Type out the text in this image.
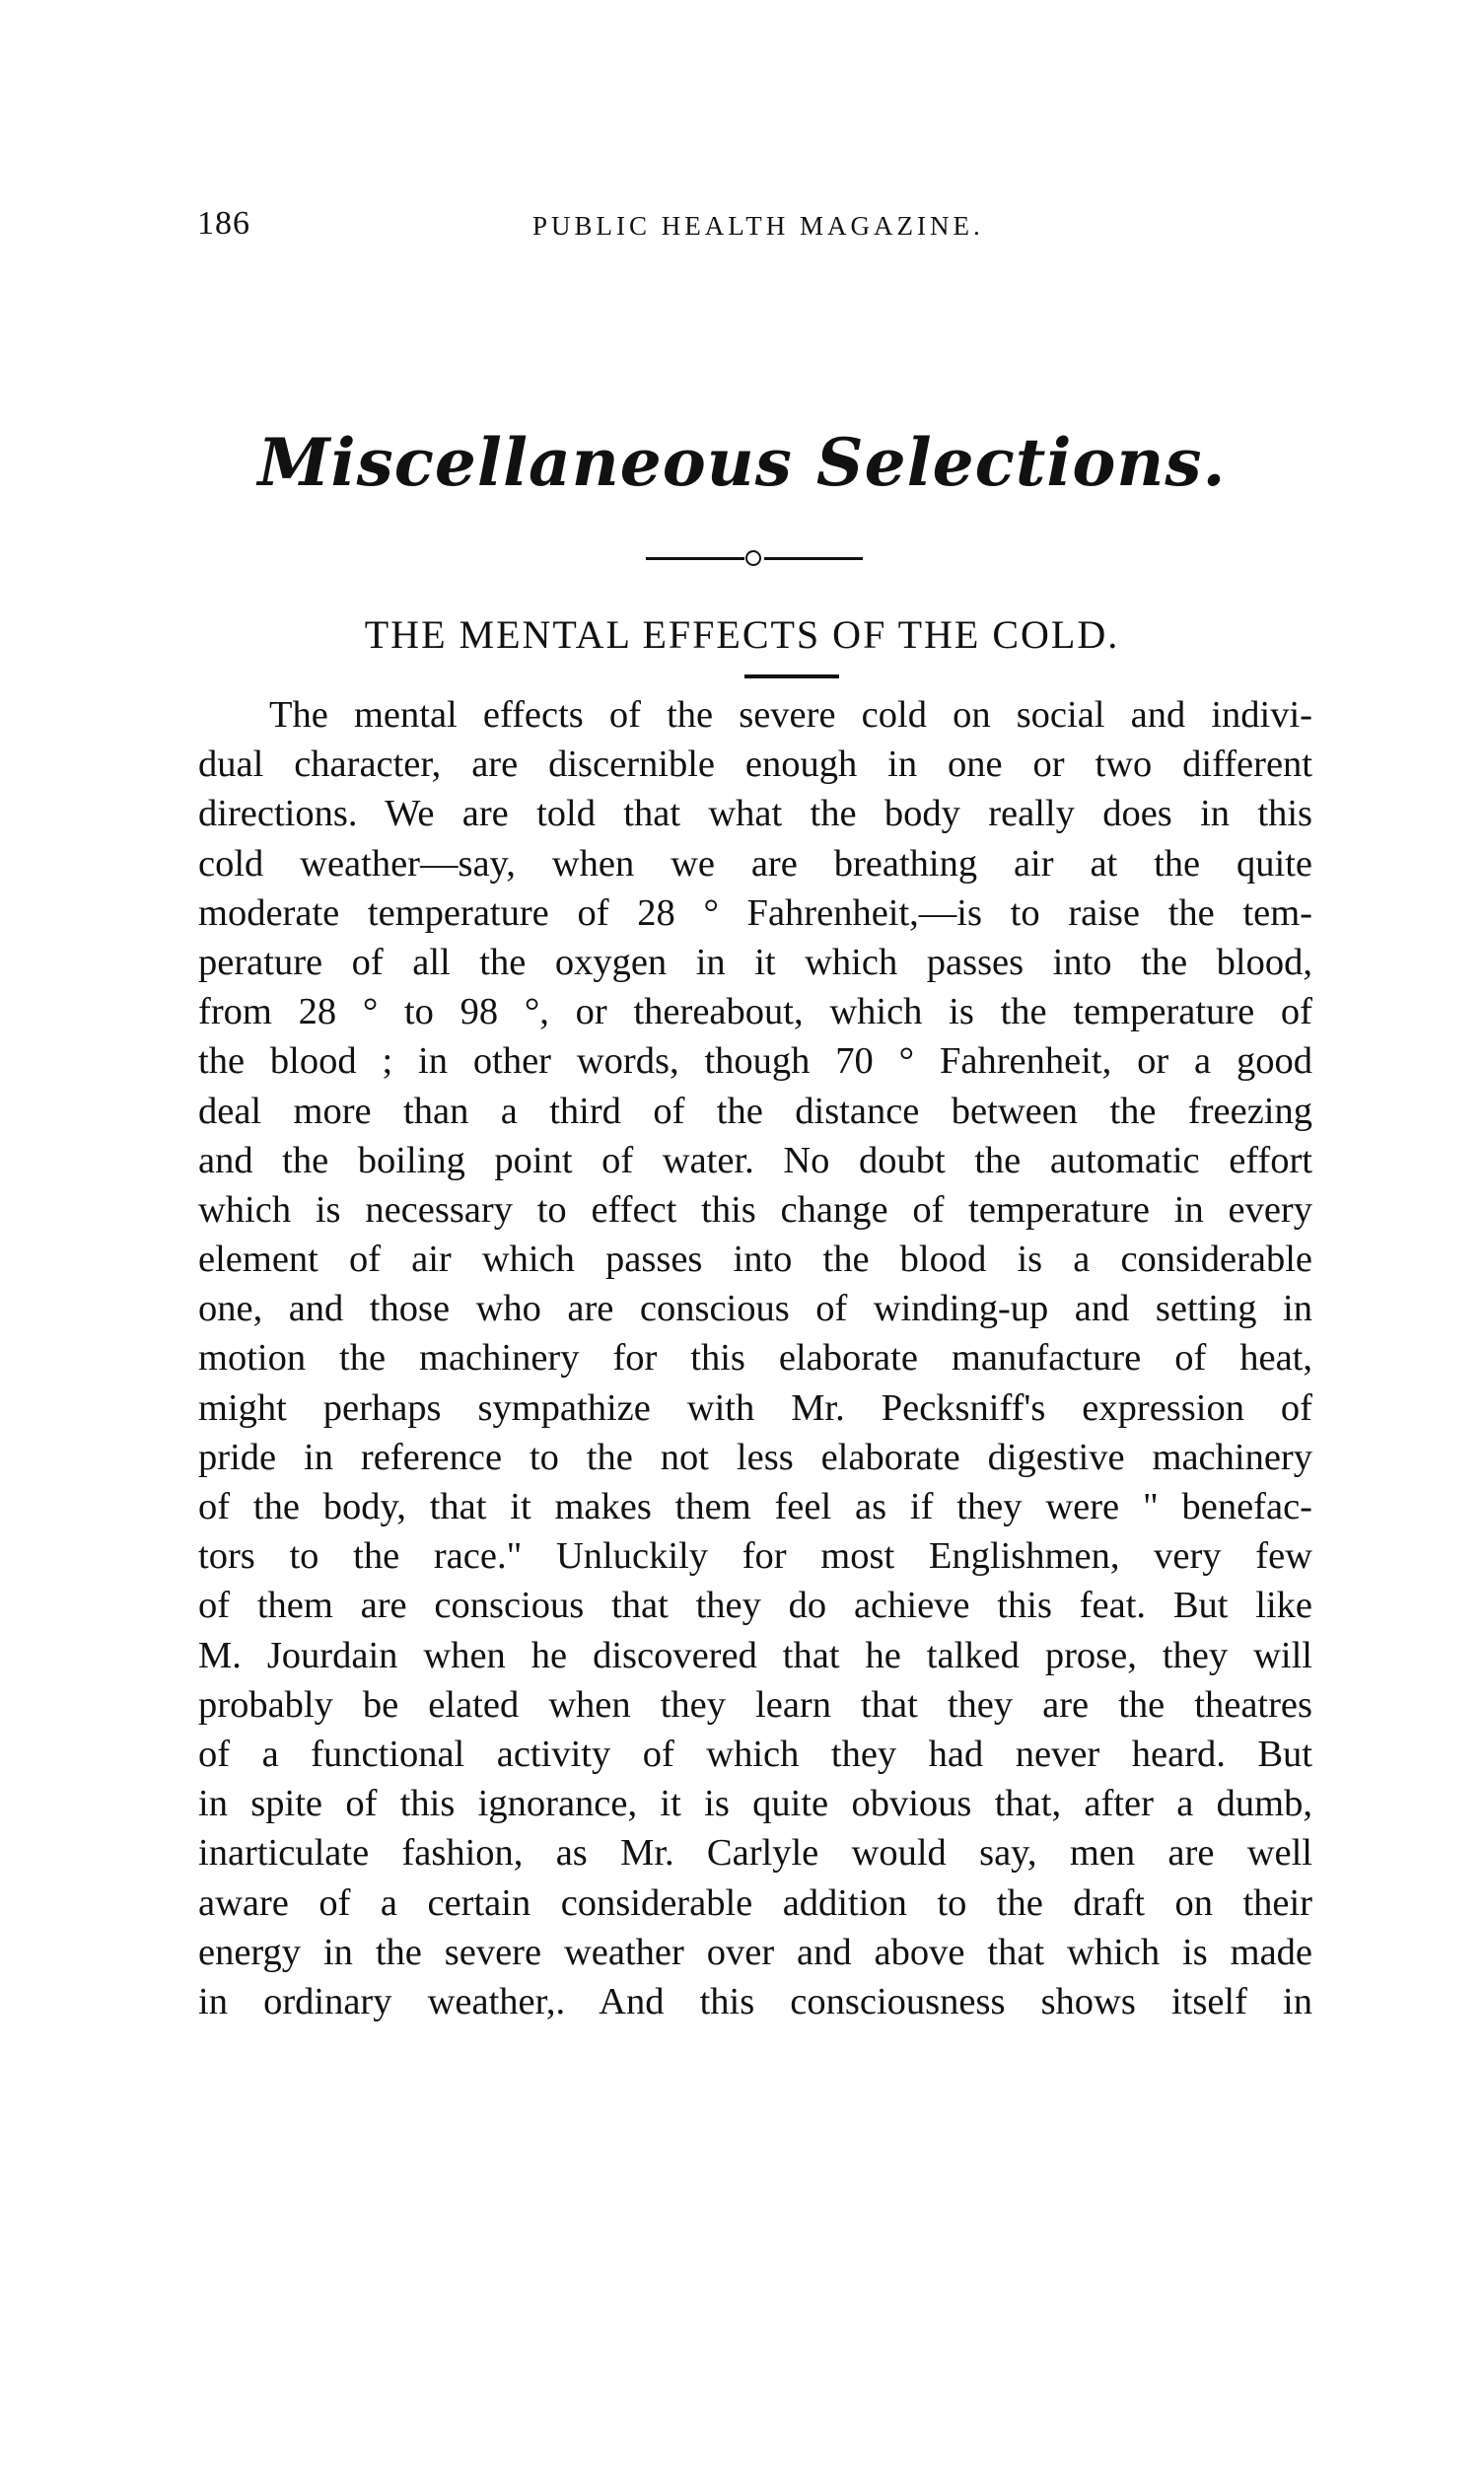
186	PUBLIC HEALTH MAGAZINE.
Miscellaneous Selections.
THE MENTAL EFFECTS OF THE COLD.
The mental effects of the severe cold on social and indivi-
dual character, are discernible enough in one or two different
directions. We are told that what the body really does in this
cold weather—say, when we are breathing air at the quite
moderate temperature of 28 ° Fahrenheit,—is to raise the tem-
perature of all the oxygen in it which passes into the blood,
from 28 ° to 98 °, or thereabout, which is the temperature of
the blood ; in other words, though 70 ° Fahrenheit, or a good
deal more than a third of the distance between the freezing
and the boiling point of water. No doubt the automatic effort
which is necessary to effect this change of temperature in every
element of air which passes into the blood is a considerable
one, and those who are conscious of winding-up and setting in
motion the machinery for this elaborate manufacture of heat,
might perhaps sympathize with Mr. Pecksniff's expression of
pride in reference to the not less elaborate digestive machinery
of the body, that it makes them feel as if they were " benefac-
tors to the race." Unluckily for most Englishmen, very few
of them are conscious that they do achieve this feat. But like
M. Jourdain when he discovered that he talked prose, they will
probably be elated when they learn that they are the theatres
of a functional activity of which they had never heard. But
in spite of this ignorance, it is quite obvious that, after a dumb,
inarticulate fashion, as Mr. Carlyle would say, men are well
aware of a certain considerable addition to the draft on their
energy in the severe weather over and above that which is made
in ordinary weather,. And this consciousness shows itself in
